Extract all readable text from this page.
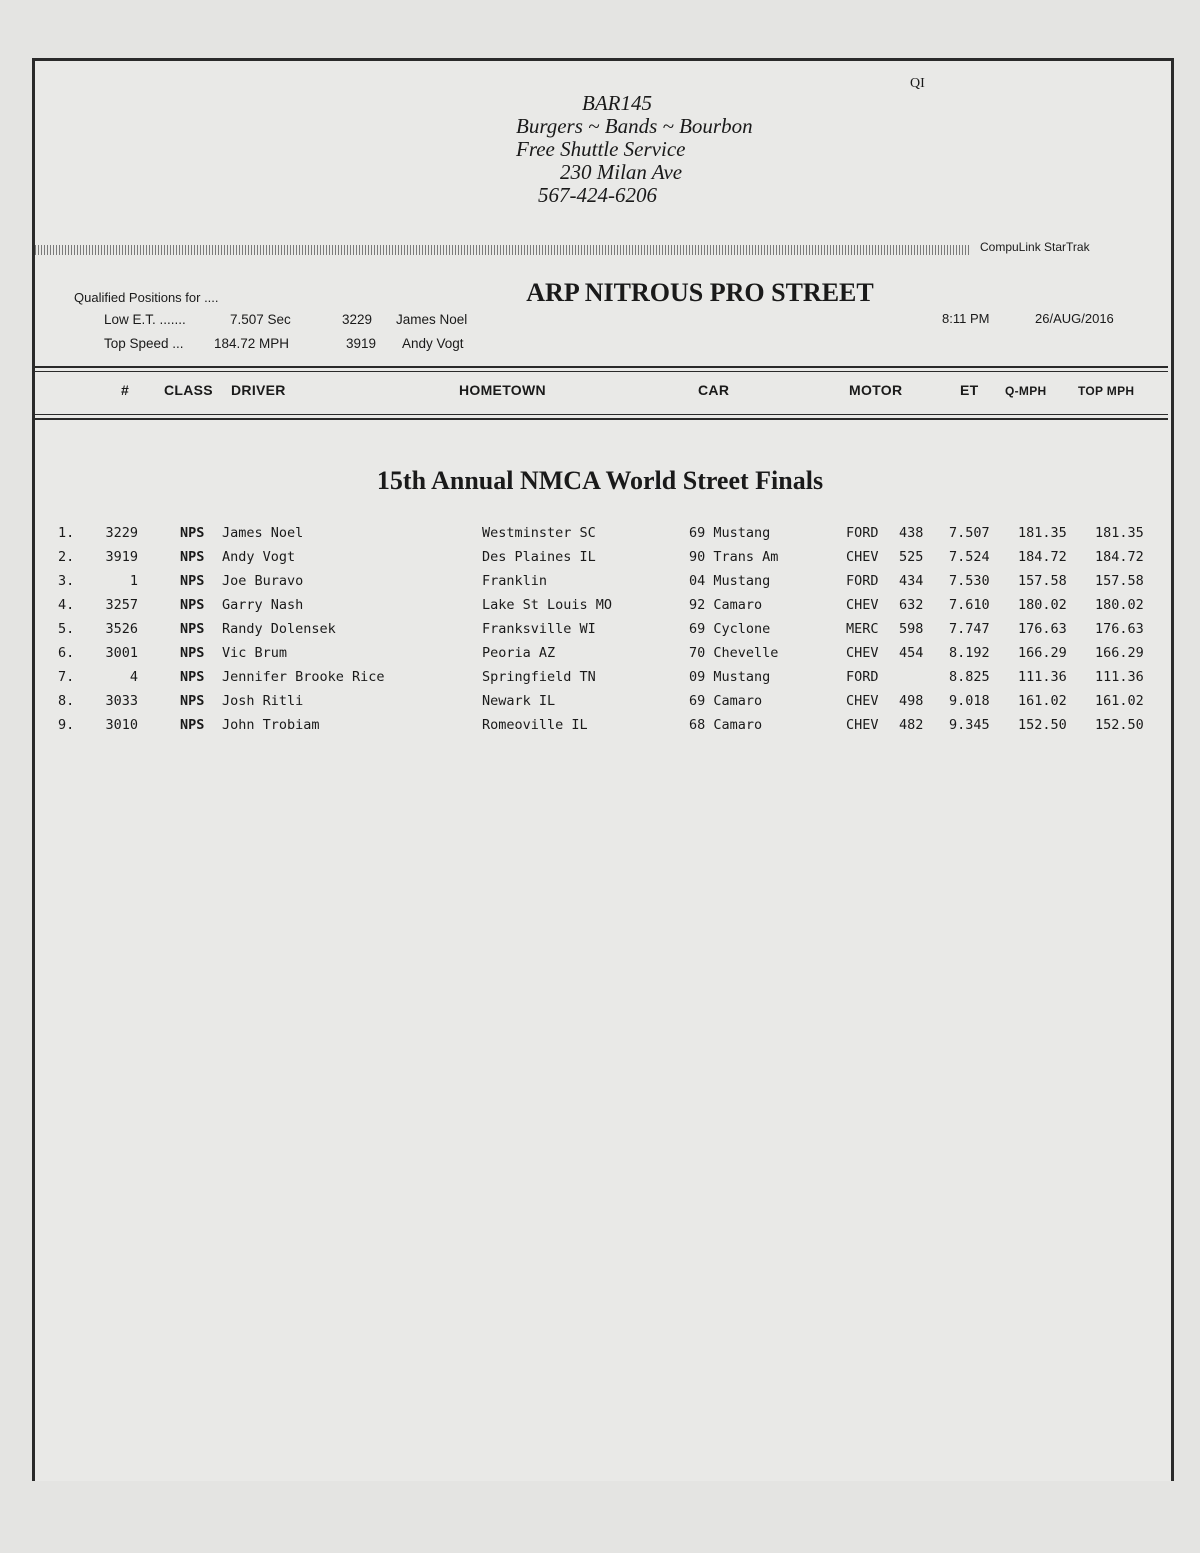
QI
BAR145
Burgers ~ Bands ~ Bourbon
Free Shuttle Service
230 Milan Ave
567-424-6206
CompuLink StarTrak
Qualified Positions for ....
Low E.T. .......	7.507 Sec	3229 James Noel
Top Speed ... 184.72 MPH	3919 Andy Vogt
ARP NITROUS PRO STREET
8:11 PM	26/AUG/2016
# CLASS DRIVER	HOMETOWN	CAR	MOTOR	ET Q-MPH	TOP MPH
15th Annual NMCA World Street Finals
1.	3229	NPS James Noel	Westminster SC	69 Mustang	FORD 438 7.507 181.35 181.35
2.	3919	NPS Andy Vogt	Des Plaines IL	90 Trans Am	CHEV 525 7.524 184.72 184.72
3.	1	NPS Joe Buravo	Franklin	04 Mustang	FORD 434 7.530 157.58 157.58
4.	3257	NPS Garry Nash	Lake St Louis MO	92 Camaro	CHEV 632 7.610 180.02 180.02
5.	3526	NPS Randy Dolensek	Franksville WI	69 Cyclone	MERC 598 7.747 176.63 176.63
6.	3001	NPS Vic Brum	Peoria AZ	70 Chevelle	CHEV 454 8.192 166.29 166.29
7.	4	NPS Jennifer Brooke Rice	Springfield TN	09 Mustang	FORD	8.825 111.36 111.36
8.	3033	NPS Josh Ritli	Newark IL	69 Camaro	CHEV 498 9.018 161.02 161.02
9.	3010	NPS John Trobiam	Romeoville IL	68 Camaro	CHEV 482 9.345 152.50 152.50
